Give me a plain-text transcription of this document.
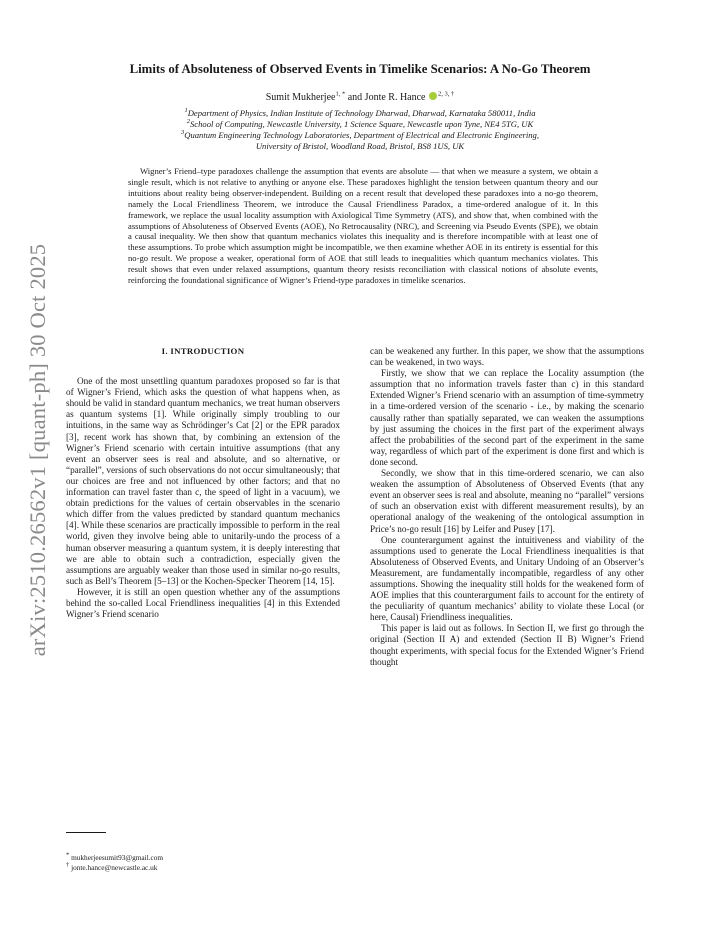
arXiv:2510.26562v1 [quant-ph] 30 Oct 2025
Limits of Absoluteness of Observed Events in Timelike Scenarios: A No-Go Theorem
Sumit Mukherjee$^{1, *}$ and Jonte R. Hance $^{2, 3, \dagger}$
$^1$Department of Physics, Indian Institute of Technology Dharwad, Dharwad, Karnataka 580011, India
$^2$School of Computing, Newcastle University, 1 Science Square, Newcastle upon Tyne, NE4 5TG, UK
$^3$Quantum Engineering Technology Laboratories, Department of Electrical and Electronic Engineering,
University of Bristol, Woodland Road, Bristol, BS8 1US, UK

Wigner’s Friend–type paradoxes challenge the assumption that events are absolute — that when we measure a system, we obtain a single result, which is not relative to anything or anyone else. These paradoxes highlight the tension between quantum theory and our intuitions about reality being observer-independent. Building on a recent result that developed these paradoxes into a no-go theorem, namely the Local Friendliness Theorem, we introduce the Causal Friendliness Paradox, a time-ordered analogue of it. In this framework, we replace the usual locality assumption with Axiological Time Symmetry (ATS), and show that, when combined with the assumptions of Absoluteness of Observed Events (AOE), No Retrocausality (NRC), and Screening via Pseudo Events (SPE), we obtain a causal inequality. We then show that quantum mechanics violates this inequality and is therefore incompatible with at least one of these assumptions. To probe which assumption might be incompatible, we then examine whether AOE in its entirety is essential for this no-go result. We propose a weaker, operational form of AOE that still leads to inequalities which quantum mechanics violates. This result shows that even under relaxed assumptions, quantum theory resists reconciliation with classical notions of absolute events, reinforcing the foundational significance of Wigner’s Friend-type paradoxes in timelike scenarios.

I. INTRODUCTION

One of the most unsettling quantum paradoxes proposed so far is that of Wigner’s Friend, which asks the question of what happens when, as should be valid in standard quantum mechanics, we treat human observers as quantum systems [1]. While originally simply troubling to our intuitions, in the same way as Schrödinger’s Cat [2] or the EPR paradox [3], recent work has shown that, by combining an extension of the Wigner’s Friend scenario with certain intuitive assumptions (that any event an observer sees is real and absolute, and so alternative, or “parallel”, versions of such observations do not occur simultaneously; that our choices are free and not influenced by other factors; and that no information can travel faster than c, the speed of light in a vacuum), we obtain predictions for the values of certain observables in the scenario which differ from the values predicted by standard quantum mechanics [4]. While these scenarios are practically impossible to perform in the real world, given they involve being able to unitarily-undo the process of a human observer measuring a quantum system, it is deeply interesting that we are able to obtain such a contradiction, especially given the assumptions are arguably weaker than those used in similar no-go results, such as Bell’s Theorem [5–13] or the Kochen-Specker Theorem [14, 15].

However, it is still an open question whether any of the assumptions behind the so-called Local Friendliness inequalities [4] in this Extended Wigner’s Friend scenario

can be weakened any further. In this paper, we show that the assumptions can be weakened, in two ways.

Firstly, we show that we can replace the Locality assumption (the assumption that no information travels faster than c) in this standard Extended Wigner’s Friend scenario with an assumption of time-symmetry in a time-ordered version of the scenario - i.e., by making the scenario causally rather than spatially separated, we can weaken the assumptions by just assuming the choices in the first part of the experiment always affect the probabilities of the second part of the experiment in the same way, regardless of which part of the experiment is done first and which is done second.

Secondly, we show that in this time-ordered scenario, we can also weaken the assumption of Absoluteness of Observed Events (that any event an observer sees is real and absolute, meaning no “parallel” versions of such an observation exist with different measurement results), by an operational analogy of the weakening of the ontological assumption in Price’s no-go result [16] by Leifer and Pusey [17].

One counterargument against the intuitiveness and viability of the assumptions used to generate the Local Friendliness inequalities is that Absoluteness of Observed Events, and Unitary Undoing of an Observer’s Measurement, are fundamentally incompatible, regardless of any other assumptions. Showing the inequality still holds for the weakened form of AOE implies that this counterargument fails to account for the entirety of the peculiarity of quantum mechanics’ ability to violate these Local (or here, Causal) Friendliness inequalities.

This paper is laid out as follows. In Section II, we first go through the original (Section II A) and extended (Section II B) Wigner’s Friend thought experiments, with special focus for the Extended Wigner’s Friend thought

* mukherjeesumit93@gmail.com
† jonte.hance@newcastle.ac.uk
